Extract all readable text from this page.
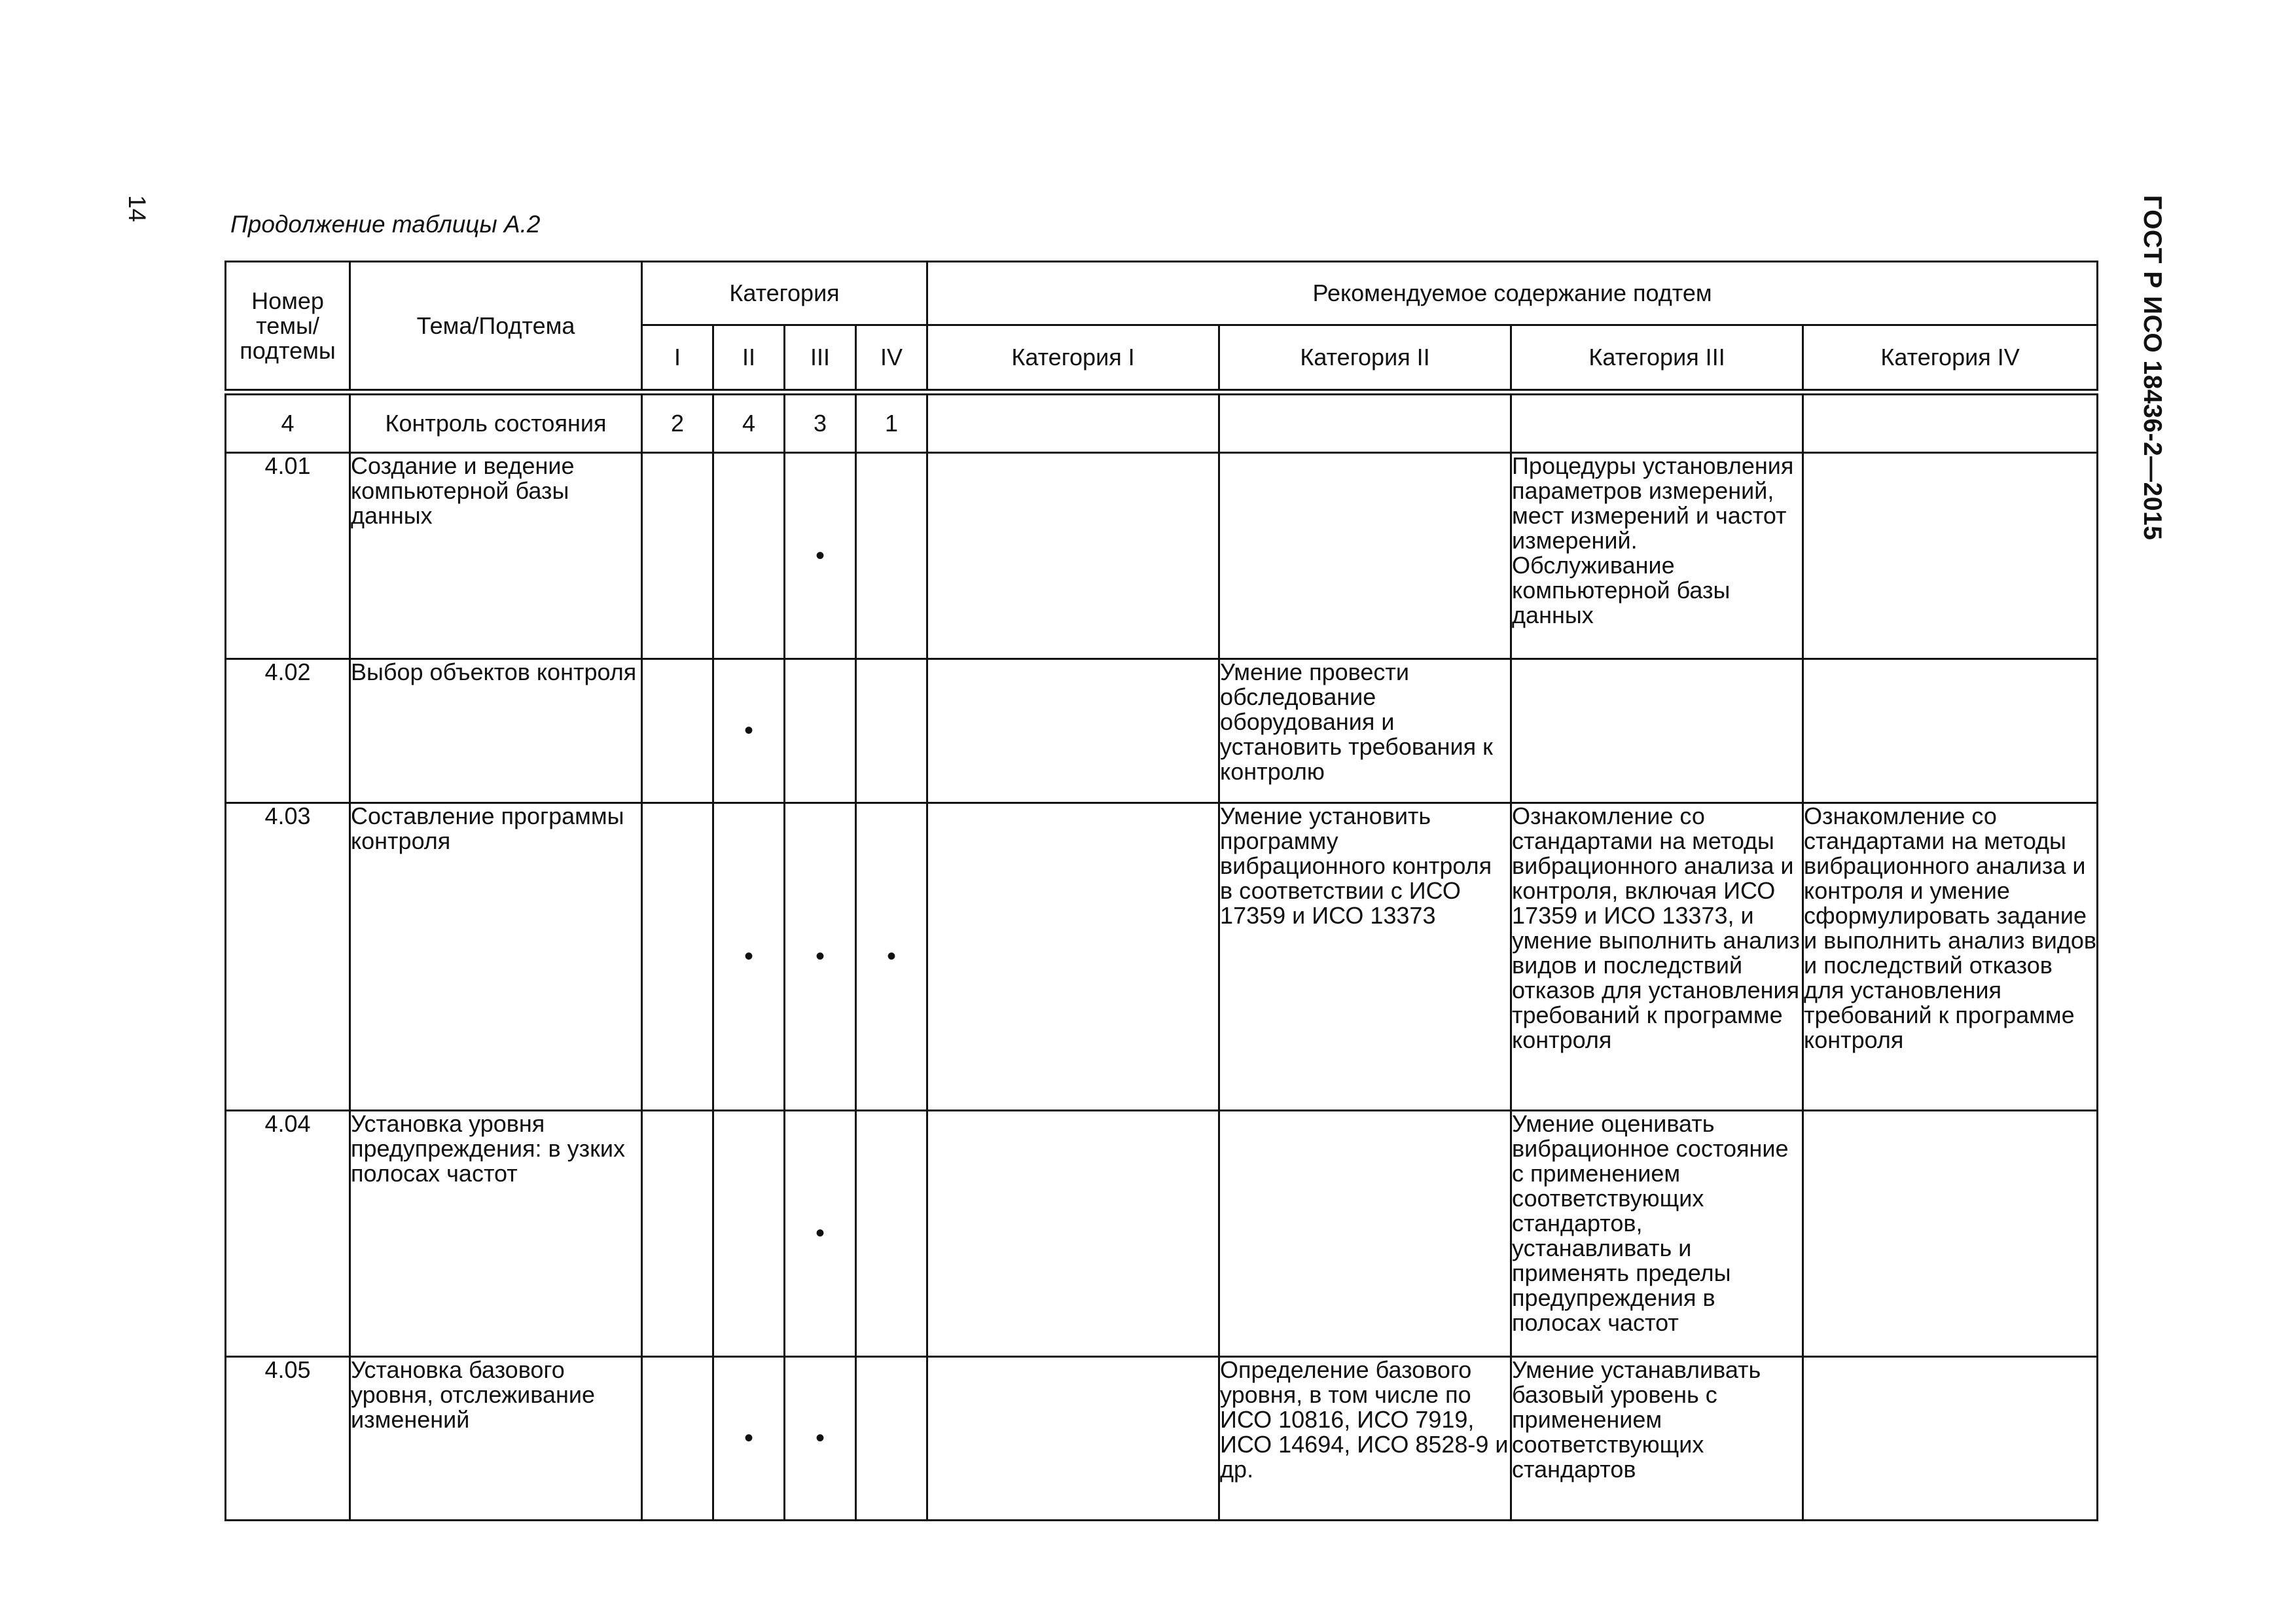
14	ГОСТ Р ИСО 18436-2—2015
Продолжение таблицы А.2
Номер темы/ подтемы	Тема/Подтема	Категория				Рекомендуемое содержание подтем			
		I	II	III	IV	Категория I	Категория II	Категория III	Категория IV
4	Контроль состояния	2	4	3	1				
4.01	Создание и ведение компьютерной базы данных			•				Процедуры установления параметров измерений, мест измерений и частот измерений. Обслуживание компьютерной базы данных	
4.02	Выбор объектов контроля		•				Умение провести обследование оборудования и установить требования к контролю		
4.03	Составление программы контроля		•	•	•		Умение установить программу вибрационного контроля в соответствии с ИСО 17359 и ИСО 13373	Ознакомление со стандартами на методы вибрационного анализа и контроля, включая ИСО 17359 и ИСО 13373, и умение выполнить анализ видов и последствий отказов для установления требований к программе контроля	Ознакомление со стандартами на методы вибрационного анализа и контроля и умение сформулировать задание и выполнить анализ видов и последствий отказов для установления требований к программе контроля
4.04	Установка уровня предупреждения: в узких полосах частот			•				Умение оценивать вибрационное состояние с применением соответствующих стандартов, устанавливать и применять пределы предупреждения в полосах частот	
4.05	Установка базового уровня, отслеживание изменений		•	•			Определение базового уровня, в том числе по ИСО 10816, ИСО 7919, ИСО 14694, ИСО 8528-9 и др.	Умение устанавливать базовый уровень с применением соответствующих стандартов	
